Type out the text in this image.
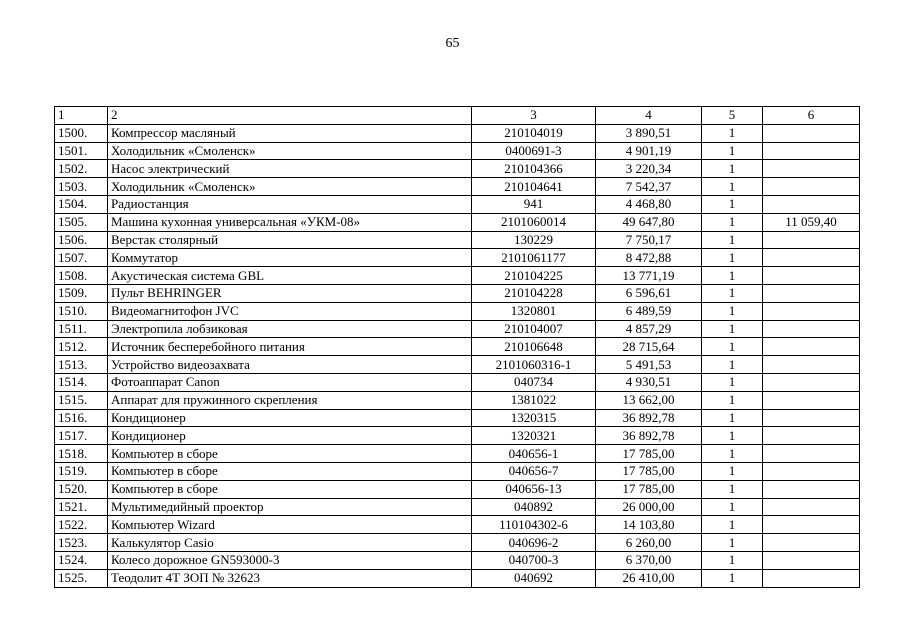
65
1	2	3	4	5	6
1500.	Компрессор масляный	210104019	3 890,51	1	
1501.	Холодильник «Смоленск»	0400691-3	4 901,19	1	
1502.	Насос электрический	210104366	3 220,34	1	
1503.	Холодильник «Смоленск»	210104641	7 542,37	1	
1504.	Радиостанция	941	4 468,80	1	
1505.	Машина кухонная универсальная «УКМ-08»	2101060014	49 647,80	1	11 059,40
1506.	Верстак столярный	130229	7 750,17	1	
1507.	Коммутатор	2101061177	8 472,88	1	
1508.	Акустическая система GBL	210104225	13 771,19	1	
1509.	Пульт BEHRINGER	210104228	6 596,61	1	
1510.	Видеомагнитофон JVC	1320801	6 489,59	1	
1511.	Электропила лобзиковая	210104007	4 857,29	1	
1512.	Источник бесперебойного питания	210106648	28 715,64	1	
1513.	Устройство видеозахвата	2101060316-1	5 491,53	1	
1514.	Фотоаппарат Canon	040734	4 930,51	1	
1515.	Аппарат для пружинного скрепления	1381022	13 662,00	1	
1516.	Кондиционер	1320315	36 892,78	1	
1517.	Кондиционер	1320321	36 892,78	1	
1518.	Компьютер в сборе	040656-1	17 785,00	1	
1519.	Компьютер в сборе	040656-7	17 785,00	1	
1520.	Компьютер в сборе	040656-13	17 785,00	1	
1521.	Мультимедийный проектор	040892	26 000,00	1	
1522.	Компьютер Wizard	110104302-6	14 103,80	1	
1523.	Калькулятор Casio	040696-2	6 260,00	1	
1524.	Колесо дорожное GN593000-3	040700-3	6 370,00	1	
1525.	Теодолит 4Т ЗОП № 32623	040692	26 410,00	1	
